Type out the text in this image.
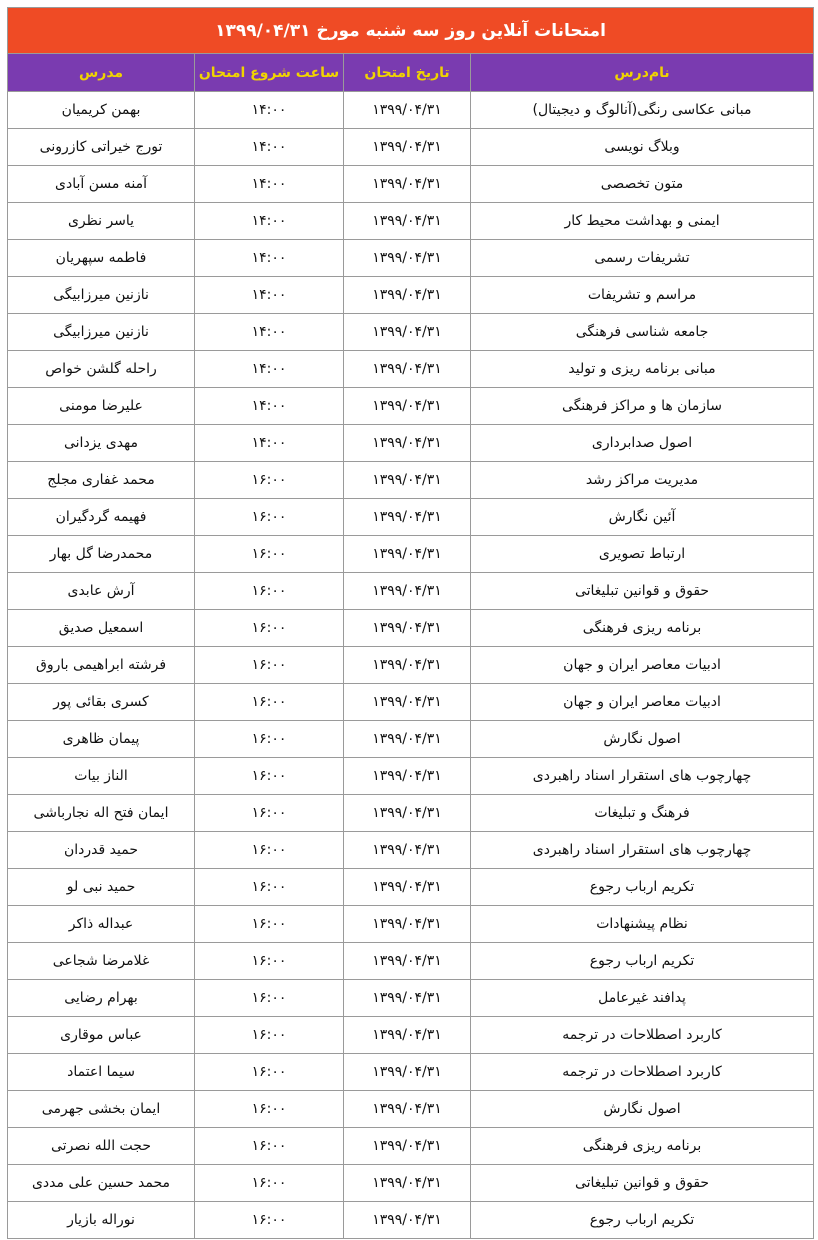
امتحانات آنلاین روز سه شنبه مورخ ۱۳۹۹/۰۴/۳۱			
نام‌درس	تاریخ امتحان	ساعت شروع امتحان	مدرس
مبانی عکاسی رنگی(آنالوگ و دیجیتال)	۱۳۹۹/۰۴/۳۱	۱۴:۰۰	بهمن کریمیان
وبلاگ نویسی	۱۳۹۹/۰۴/۳۱	۱۴:۰۰	تورج خیراتی کازرونی
متون تخصصی	۱۳۹۹/۰۴/۳۱	۱۴:۰۰	آمنه مسن آبادی
ایمنی و بهداشت محیط کار	۱۳۹۹/۰۴/۳۱	۱۴:۰۰	یاسر نظری
تشریفات رسمی	۱۳۹۹/۰۴/۳۱	۱۴:۰۰	فاطمه سپهریان
مراسم و تشریفات	۱۳۹۹/۰۴/۳۱	۱۴:۰۰	نازنین میرزابیگی
جامعه شناسی فرهنگی	۱۳۹۹/۰۴/۳۱	۱۴:۰۰	نازنین میرزابیگی
مبانی برنامه ریزی و تولید	۱۳۹۹/۰۴/۳۱	۱۴:۰۰	راحله گلشن خواص
سازمان ها و مراکز فرهنگی	۱۳۹۹/۰۴/۳۱	۱۴:۰۰	علیرضا مومنی
اصول صدابرداری	۱۳۹۹/۰۴/۳۱	۱۴:۰۰	مهدی یزدانی
مدیریت مراکز رشد	۱۳۹۹/۰۴/۳۱	۱۶:۰۰	محمد غفاری مجلج
آئین نگارش	۱۳۹۹/۰۴/۳۱	۱۶:۰۰	فهیمه گردگیران
ارتباط تصویری	۱۳۹۹/۰۴/۳۱	۱۶:۰۰	محمدرضا گل بهار
حقوق و قوانین تبلیغاتی	۱۳۹۹/۰۴/۳۱	۱۶:۰۰	آرش عابدی
برنامه ریزی فرهنگی	۱۳۹۹/۰۴/۳۱	۱۶:۰۰	اسمعیل صدیق
ادبیات معاصر ایران و جهان	۱۳۹۹/۰۴/۳۱	۱۶:۰۰	فرشته ابراهیمی باروق
ادبیات معاصر ایران و جهان	۱۳۹۹/۰۴/۳۱	۱۶:۰۰	کسری بقائی پور
اصول نگارش	۱۳۹۹/۰۴/۳۱	۱۶:۰۰	پیمان ظاهری
چهارچوب های استقرار اسناد راهبردی	۱۳۹۹/۰۴/۳۱	۱۶:۰۰	الناز بیات
فرهنگ و تبلیغات	۱۳۹۹/۰۴/۳۱	۱۶:۰۰	ایمان فتح اله نجارباشی
چهارچوب های استقرار اسناد راهبردی	۱۳۹۹/۰۴/۳۱	۱۶:۰۰	حمید قدردان
تکریم ارباب رجوع	۱۳۹۹/۰۴/۳۱	۱۶:۰۰	حمید نبی لو
نظام پیشنهادات	۱۳۹۹/۰۴/۳۱	۱۶:۰۰	عبداله ذاکر
تکریم ارباب رجوع	۱۳۹۹/۰۴/۳۱	۱۶:۰۰	غلامرضا شجاعی
پدافند غیرعامل	۱۳۹۹/۰۴/۳۱	۱۶:۰۰	بهرام رضایی
کاربرد اصطلاحات در ترجمه	۱۳۹۹/۰۴/۳۱	۱۶:۰۰	عباس موقاری
کاربرد اصطلاحات در ترجمه	۱۳۹۹/۰۴/۳۱	۱۶:۰۰	سیما اعتماد
اصول نگارش	۱۳۹۹/۰۴/۳۱	۱۶:۰۰	ایمان بخشی جهرمی
برنامه ریزی فرهنگی	۱۳۹۹/۰۴/۳۱	۱۶:۰۰	حجت الله نصرتی
حقوق و قوانین تبلیغاتی	۱۳۹۹/۰۴/۳۱	۱۶:۰۰	محمد حسین علی مددی
تکریم ارباب رجوع	۱۳۹۹/۰۴/۳۱	۱۶:۰۰	نوراله بازیار
